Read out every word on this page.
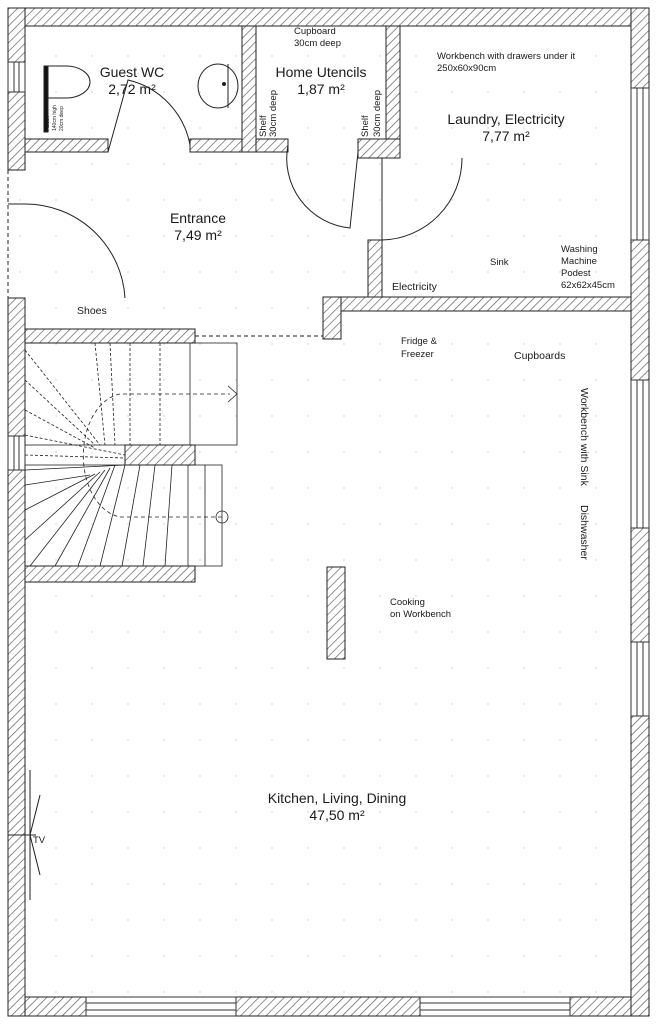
Guest WC
2,72 m²
Home Utencils
1,87 m²
Laundry, Electricity
7,77 m²
Entrance
7,49 m²
Kitchen, Living, Dining
47,50 m²
Cupboard
30cm deep
Workbench with drawers under it
250x60x90cm
Shelf 30cm deep	Shelf 30cm deep
Sink
Washing
Machine
Podest
62x62x45cm
Electricity
Shoes
Fridge &
Freezer	Cupboards
Workbench with Sink
Dishwasher
Cooking
on Workbench
TV
Falbox 140cm high 20cm deep
